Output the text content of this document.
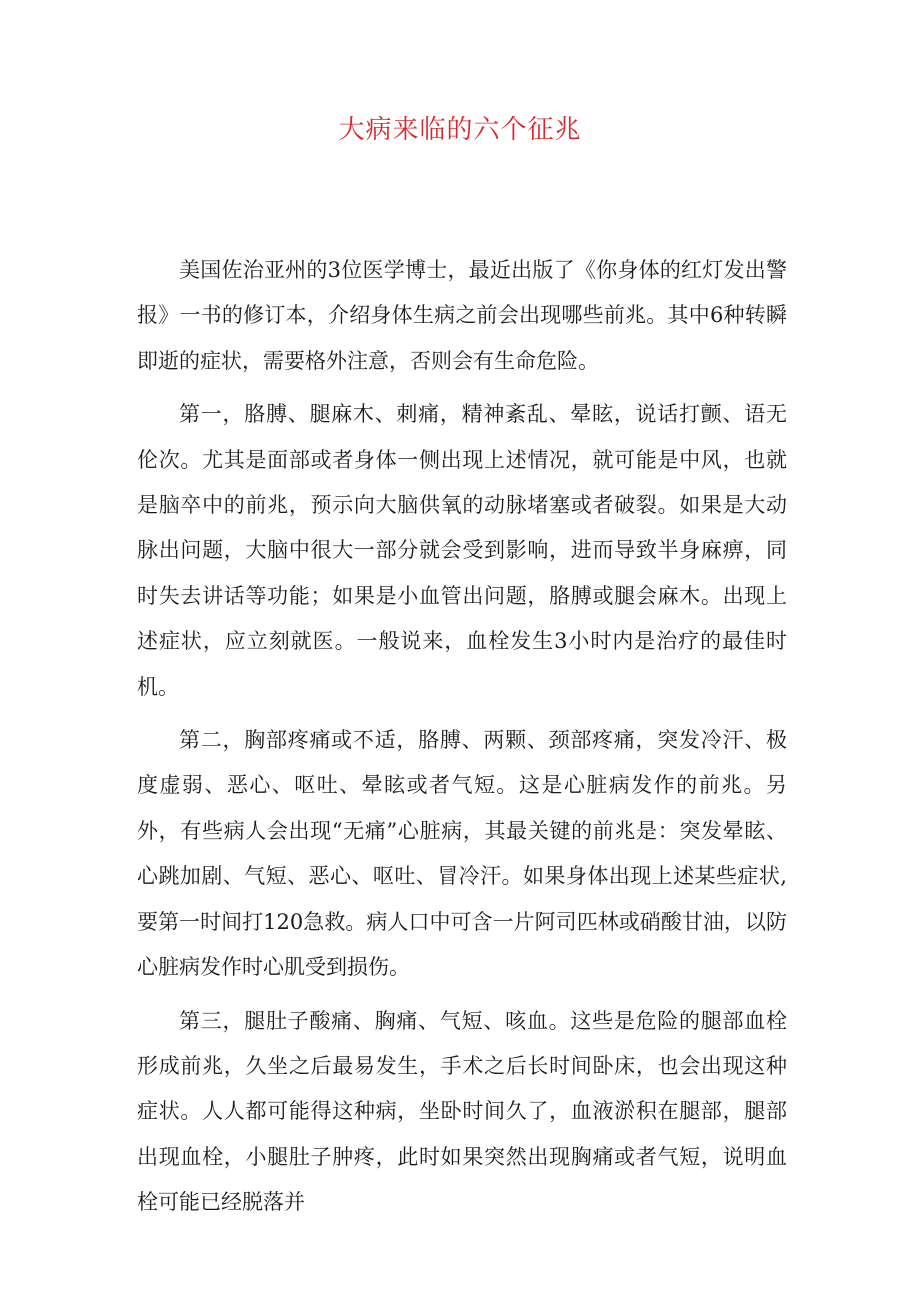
大病来临的六个征兆

美国佐治亚州的3位医学博士，最近出版了《你身体的红灯发出警报》一书的修订本，介绍身体生病之前会出现哪些前兆。其中6种转瞬即逝的症状，需要格外注意，否则会有生命危险。

第一，胳膊、腿麻木、刺痛，精神紊乱、晕眩，说话打颤、语无伦次。尤其是面部或者身体一侧出现上述情况，就可能是中风，也就是脑卒中的前兆，预示向大脑供氧的动脉堵塞或者破裂。如果是大动脉出问题，大脑中很大一部分就会受到影响，进而导致半身麻痹，同时失去讲话等功能；如果是小血管出问题，胳膊或腿会麻木。出现上述症状，应立刻就医。一般说来，血栓发生3小时内是治疗的最佳时机。

第二，胸部疼痛或不适，胳膊、两颗、颈部疼痛，突发冷汗、极度虚弱、恶心、呕吐、晕眩或者气短。这是心脏病发作的前兆。另外，有些病人会出现“无痛”心脏病，其最关键的前兆是：突发晕眩、心跳加剧、气短、恶心、呕吐、冒冷汗。如果身体出现上述某些症状,要第一时间打120急救。病人口中可含一片阿司匹林或硝酸甘油，以防心脏病发作时心肌受到损伤。

第三，腿肚子酸痛、胸痛、气短、咳血。这些是危险的腿部血栓形成前兆，久坐之后最易发生，手术之后长时间卧床，也会出现这种症状。人人都可能得这种病，坐卧时间久了，血液淤积在腿部，腿部出现血栓，小腿肚子肿疼，此时如果突然出现胸痛或者气短，说明血栓可能已经脱落并
